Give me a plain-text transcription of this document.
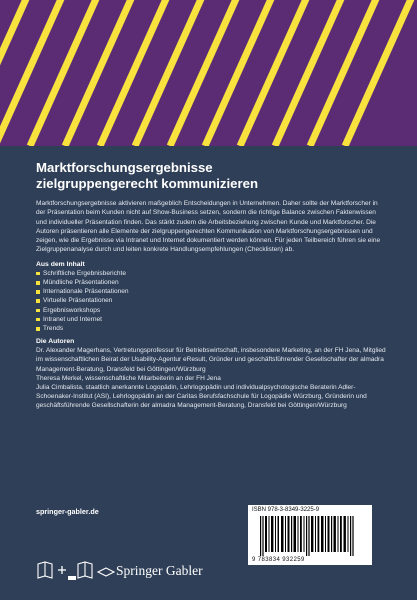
Marktforschungsergebnisse
zielgruppengerecht kommunizieren

Marktforschungsergebnisse aktivieren maßgeblich Entscheidungen in Unternehmen. Daher sollte der Marktforscher in der Präsentation beim Kunden nicht auf Show-Business setzen, sondern die richtige Balance zwischen Faktenwissen und individueller Präsentation finden. Das stärkt zudem die Arbeitsbeziehung zwischen Kunde und Marktforscher. Die Autoren präsentieren alle Elemente der zielgruppengerechten Kommunikation von Marktforschungsergebnissen und zeigen, wie die Ergebnisse via Intranet und Internet dokumentiert werden können. Für jeden Teilbereich führen sie eine Zielgruppenanalyse durch und leiten konkrete Handlungsempfehlungen (Checklisten) ab.

Aus dem Inhalt

Schriftliche Ergebnisberichte
Mündliche Präsentationen
Internationale Präsentationen
Virtuelle Präsentationen
Ergebnisworkshops
Intranet und Internet
Trends

Die Autoren

Dr. Alexander Magerhans, Vertretungsprofessur für Betriebswirtschaft, insbesondere Marketing, an der FH Jena, Mitglied im wissenschaftlichen Beirat der Usability-Agentur eResult, Gründer und geschäftsführender Gesellschafter der almadra Management-Beratung, Dransfeld bei Göttingen/Würzburg

Theresa Merkel, wissenschaftliche Mitarbeiterin an der FH Jena

Julia Cimbalista, staatlich anerkannte Logopädin, Lehrlogopädin und individualpsychologische Beraterin Adler-Schoenaker-Institut (ASI), Lehrlogopädin an der Caritas Berufsfachschule für Logopädie Würzburg, Gründerin und geschäftsführende Gesellschafterin der almadra Management-Beratung, Dransfeld bei Göttingen/Würzburg

springer-gabler.de	ISBN 978-3-8349-3225-9
9 783834 932259
Springer Gabler
